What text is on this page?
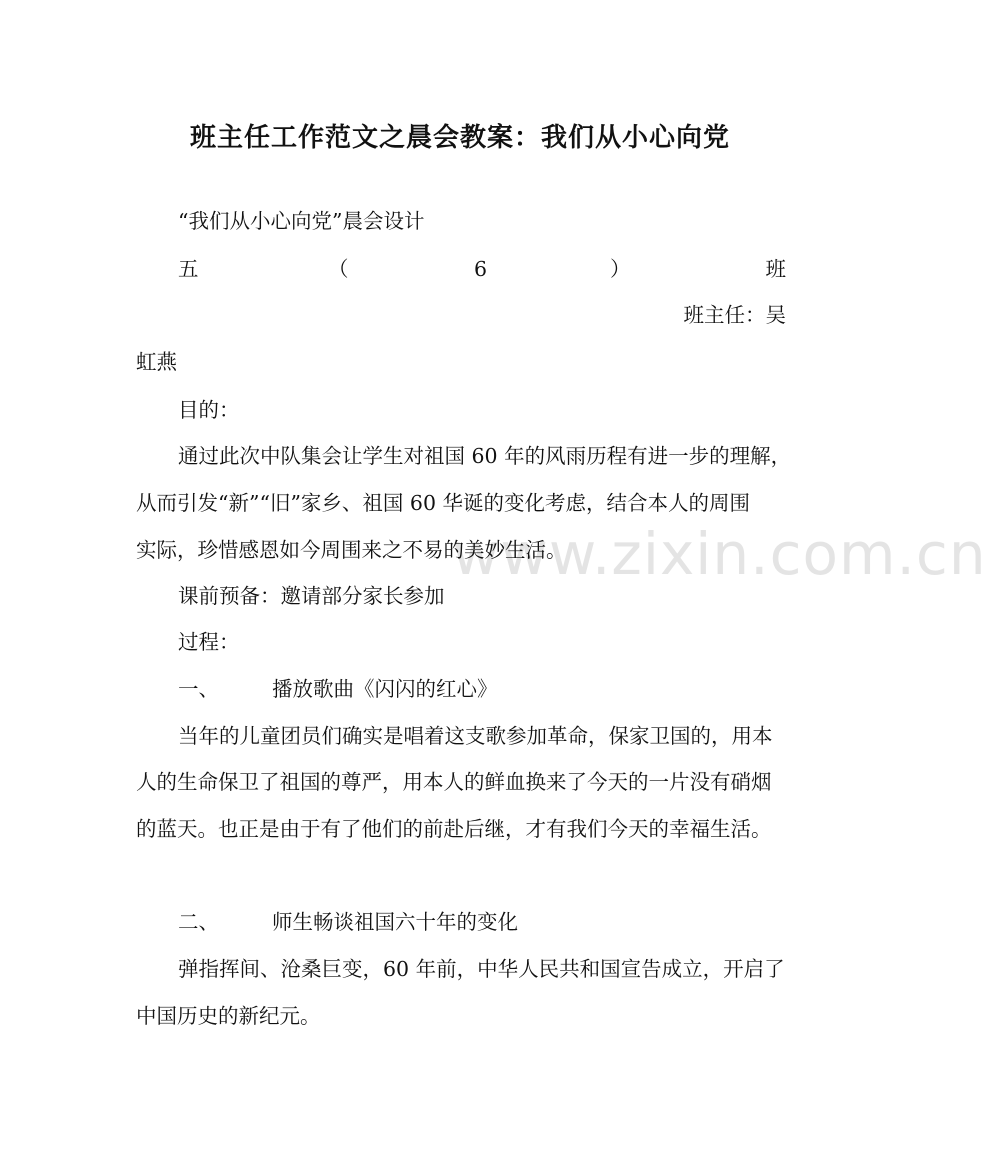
www.zixin.com.cn
班主任工作范文之晨会教案：我们从小心向党
“我们从小心向党”晨会设计
五	（	6	）	班
班主任：吴
虹燕
目的：
通过此次中队集会让学生对祖国 60 年的风雨历程有进一步的理解，
从而引发“新”“旧”家乡、祖国 60 华诞的变化考虑，结合本人的周围
实际，珍惜感恩如今周围来之不易的美妙生活。
课前预备：邀请部分家长参加
过程：
一、	播放歌曲《闪闪的红心》
当年的儿童团员们确实是唱着这支歌参加革命，保家卫国的，用本
人的生命保卫了祖国的尊严，用本人的鲜血换来了今天的一片没有硝烟
的蓝天。也正是由于有了他们的前赴后继，才有我们今天的幸福生活。
二、	师生畅谈祖国六十年的变化
弹指挥间、沧桑巨变，60 年前，中华人民共和国宣告成立，开启了
中国历史的新纪元。
